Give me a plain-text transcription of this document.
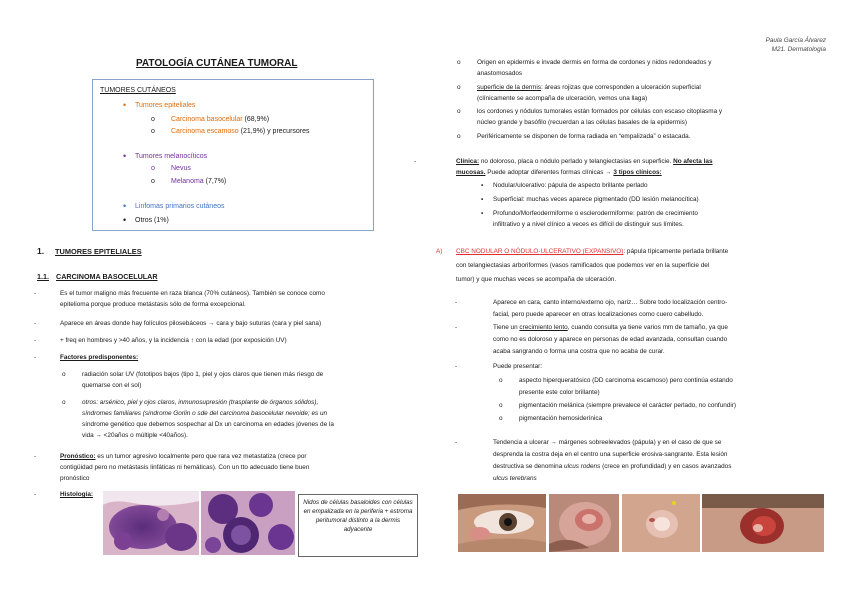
Paula García Álvarez
M21. Dermatología
PATOLOGÍA CUTÁNEA TUMORAL
TUMORES CUTÁNEOS
Tumores epiteliales
Carcinoma basocelular (68,9%)
Carcinoma escamoso (21,9%) y precursores
Tumores melanocíticos
Nevus
Melanoma (7,7%)
Linfomas primarios cutáneos
Otros (1%)
1. TUMORES EPITELIALES
1.1. CARCINOMA BASOCELULAR
Es el tumor maligno más frecuente en raza blanca (70% cutáneos). También se conoce como
epitelioma porque produce metástasis sólo de forma excepcional.
Aparece en áreas donde hay folículos pilosebáceos → cara y bajo suturas (cara y piel sana)
+ freq en hombres y >40 años, y la incidencia ↑ con la edad (por exposición UV)
Factores predisponentes:
radiación solar UV (fototipos bajos (tipo 1, piel y ojos claros que tienen más riesgo de
quemarse con el sol)
otros: arsénico, piel y ojos claros, inmunosupresión (trasplante de órganos sólidos),
síndromes familiares (síndrome Gorlin o sde del carcinoma basocelular nevoide; es un
síndrome genético que debemos sospechar al Dx un carcinoma en edades jóvenes de la
vida → <20años o múltiple <40años).
Pronóstico: es un tumor agresivo localmente pero que rara vez metastatiza (crece por
contigüidad pero no metástasis linfáticas ni hemáticas). Con un tto adecuado tiene buen
pronóstico
Histología:
Nidos de células basaloides con células en empalizada en la periferia + estroma peritumoral distinto a la dermis adyacente
Origen en epidermis e invade dermis en forma de cordones y nidos redondeados y
anastomosados
superficie de la dermis: áreas rojizas que corresponden a ulceración superficial
(clínicamente se acompaña de ulceración, vemos una llaga)
los cordones y nódulos tumorales están formados por células con escaso citoplasma y
núcleo grande y basófilo (recuerdan a las células basales de la epidermis)
Periféricamente se disponen de forma radiada en “empalizada” o estacada.
Clínica: no doloroso, placa o nódulo perlado y telangiectasias en superficie. No afecta las
mucosas. Puede adoptar diferentes formas clínicas → 3 tipos clínicos:
Nodular/ulcerativo: pápula de aspecto brillante perlado
Superficial: muchas veces aparece pigmentado (DD lesión melanocítica)
Profundo/Morfeodermiforme o esclerodermiforme: patrón de crecimiento
infiltrativo y a nivel clínico a veces es difícil de distinguir sus límites.
A) CBC NODULAR O NÓDULO-ULCERATIVO (EXPANSIVO): pápula típicamente perlada brillante
con telangiectasias arboriformes (vasos ramificados que podemos ver en la superficie del
tumor) y que muchas veces se acompaña de ulceración.
Aparece en cara, canto interno/externo ojo, nariz… Sobre todo localización centro-
facial, pero puede aparecer en otras localizaciones como cuero cabelludo.
Tiene un crecimiento lento, cuando consulta ya tiene varios mm de tamaño, ya que
como no es doloroso y aparece en personas de edad avanzada, consultan cuando
acaba sangrando o forma una costra que no acaba de curar.
Puede presentar:
aspecto hiperqueratósico (DD carcinoma escamoso) pero continúa estando
presente este color brillante)
pigmentación melánica (siempre prevalece el carácter perlado, no confundir)
pigmentación hemosiderínica
Tendencia a ulcerar → márgenes sobreelevados (pápula) y en el caso de que se
desprenda la costra deja en el centro una superficie erosiva-sangrante. Esta lesión
destructiva se denomina ulcus rodens (crece en profundidad) y en casos avanzados
ulcus terebrans
